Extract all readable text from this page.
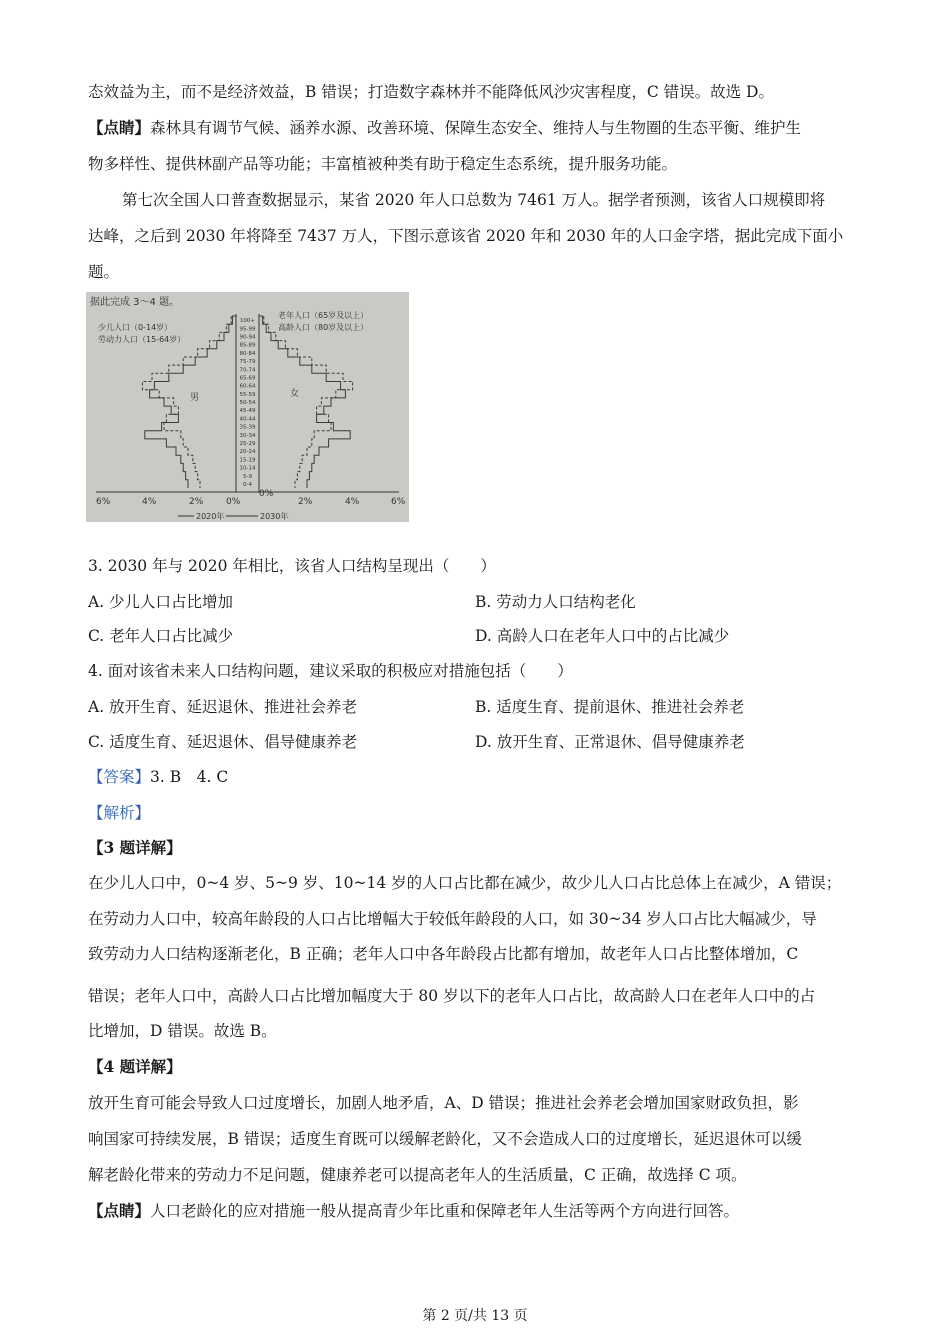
态效益为主，而不是经济效益，B 错误；打造数字森林并不能降低风沙灾害程度，C 错误。故选 D。
【点睛】森林具有调节气候、涵养水源、改善环境、保障生态安全、维持人与生物圈的生态平衡、维护生
物多样性、提供林副产品等功能；丰富植被种类有助于稳定生态系统，提升服务功能。
第七次全国人口普查数据显示，某省 2020 年人口总数为 7461 万人。据学者预测，该省人口规模即将
达峰，之后到 2030 年将降至 7437 万人，下图示意该省 2020 年和 2030 年的人口金字塔，据此完成下面小
题。
据此完成 3～4 题。
少儿人口（0-14岁）
劳动力人口（15-64岁）
老年人口（65岁及以上）
高龄人口（80岁及以上）
男	女
100+
95-99
90-94
85-89
80-84
75-79
70-74
65-69
60-64
55-59
50-54
45-49
40-44
35-39
30-34
25-29
20-24
15-19
10-14
5-9
0-4
6%	4%	2%	0%
0%
2%	4%	6%
2020年	2030年
3. 2030 年与 2020 年相比，该省人口结构呈现出（　　）
A. 少儿人口占比增加	B. 劳动力人口结构老化
C. 老年人口占比减少	D. 高龄人口在老年人口中的占比减少
4. 面对该省未来人口结构问题，建议采取的积极应对措施包括（　　）
A. 放开生育、延迟退休、推进社会养老	B. 适度生育、提前退休、推进社会养老
C. 适度生育、延迟退休、倡导健康养老	D. 放开生育、正常退休、倡导健康养老
【答案】3. B　4. C
【解析】
【3 题详解】
在少儿人口中，0~4 岁、5~9 岁、10~14 岁的人口占比都在减少，故少儿人口占比总体上在减少，A 错误；
在劳动力人口中，较高年龄段的人口占比增幅大于较低年龄段的人口，如 30~34 岁人口占比大幅减少，导
致劳动力人口结构逐渐老化，B 正确；老年人口中各年龄段占比都有增加，故老年人口占比整体增加，C
错误；老年人口中，高龄人口占比增加幅度大于 80 岁以下的老年人口占比，故高龄人口在老年人口中的占
比增加，D 错误。故选 B。
【4 题详解】
放开生育可能会导致人口过度增长，加剧人地矛盾，A、D 错误；推进社会养老会增加国家财政负担，影
响国家可持续发展，B 错误；适度生育既可以缓解老龄化，又不会造成人口的过度增长，延迟退休可以缓
解老龄化带来的劳动力不足问题，健康养老可以提高老年人的生活质量，C 正确，故选择 C 项。
【点睛】人口老龄化的应对措施一般从提高青少年比重和保障老年人生活等两个方向进行回答。
第 2 页/共 13 页
